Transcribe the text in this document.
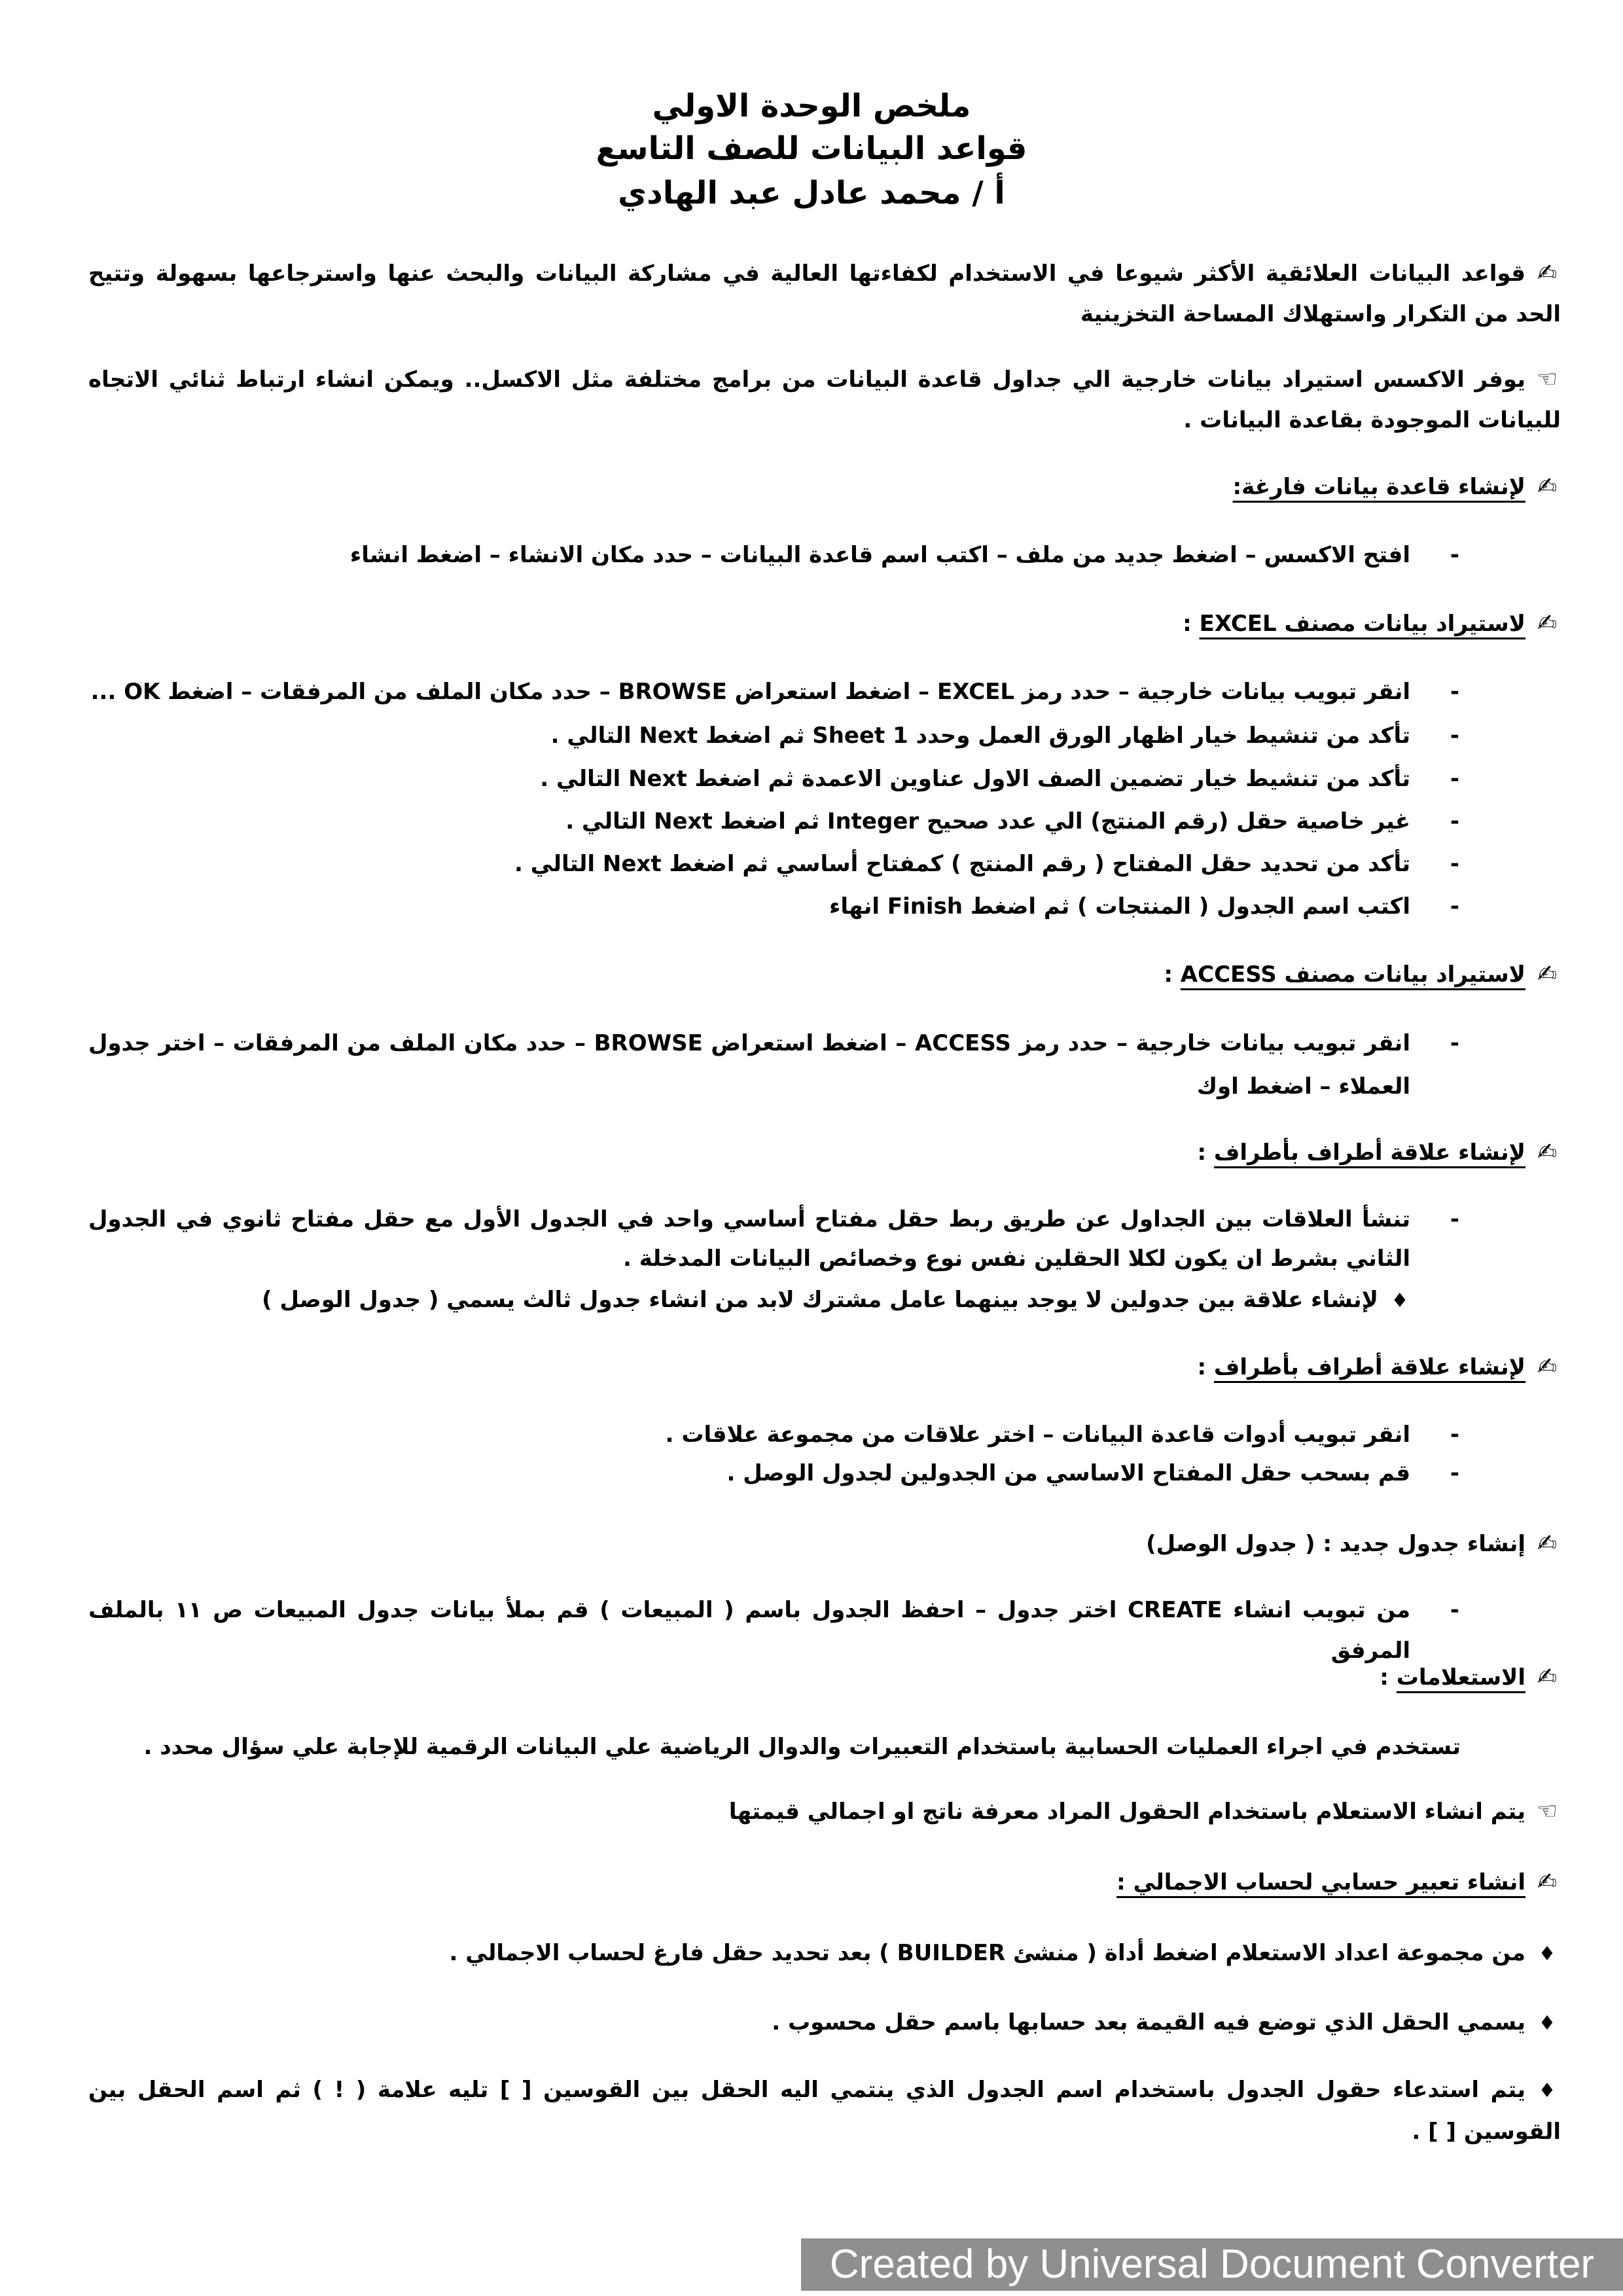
ملخص الوحدة الاولي
قواعد البيانات للصف التاسع
أ / محمد عادل عبد الهادي
✍قواعد البيانات العلائقية الأكثر شيوعا في الاستخدام لكفاءتها العالية في مشاركة البيانات والبحث عنها واسترجاعها بسهولة وتتيح الحد من التكرار واستهلاك المساحة التخزينية
☜يوفر الاكسس استيراد بيانات خارجية الي جداول قاعدة البيانات من برامج مختلفة مثل الاكسل.. ويمكن انشاء ارتباط ثنائي الاتجاه للبيانات الموجودة بقاعدة البيانات .
✍لإنشاء قاعدة بيانات فارغة:
- افتح الاكسس – اضغط جديد من ملف – اكتب اسم قاعدة البيانات – حدد مكان الانشاء – اضغط انشاء
✍لاستيراد بيانات مصنف EXCEL :
- انقر تبويب بيانات خارجية – حدد رمز EXCEL – اضغط استعراض BROWSE – حدد مكان الملف من المرفقات – اضغط OK ...
- تأكد من تنشيط خيار اظهار الورق العمل وحدد Sheet 1 ثم اضغط Next التالي .
- تأكد من تنشيط خيار تضمين الصف الاول عناوين الاعمدة ثم اضغط Next التالي .
- غير خاصية حقل (رقم المنتج) الي عدد صحيح Integer ثم اضغط Next التالي .
- تأكد من تحديد حقل المفتاح ( رقم المنتج ) كمفتاح أساسي ثم اضغط Next التالي .
- اكتب اسم الجدول ( المنتجات ) ثم اضغط Finish انهاء
✍لاستيراد بيانات مصنف ACCESS :
- انقر تبويب بيانات خارجية – حدد رمز ACCESS – اضغط استعراض BROWSE – حدد مكان الملف من المرفقات – اختر جدول العملاء – اضغط اوك
✍لإنشاء علاقة أطراف بأطراف :
- تنشأ العلاقات بين الجداول عن طريق ربط حقل مفتاح أساسي واحد في الجدول الأول مع حقل مفتاح ثانوي في الجدول الثاني بشرط ان يكون لكلا الحقلين نفس نوع وخصائص البيانات المدخلة .
♦لإنشاء علاقة بين جدولين لا يوجد بينهما عامل مشترك لابد من انشاء جدول ثالث يسمي ( جدول الوصل )
✍لإنشاء علاقة أطراف بأطراف :
- انقر تبويب أدوات قاعدة البيانات – اختر علاقات من مجموعة علاقات .
- قم بسحب حقل المفتاح الاساسي من الجدولين لجدول الوصل .
✍إنشاء جدول جديد : ( جدول الوصل)
- من تبويب انشاء CREATE اختر جدول – احفظ الجدول باسم ( المبيعات ) قم بملأ بيانات جدول المبيعات ص ١١ بالملف المرفق
✍الاستعلامات :
تستخدم في اجراء العمليات الحسابية باستخدام التعبيرات والدوال الرياضية علي البيانات الرقمية للإجابة علي سؤال محدد .
☜يتم انشاء الاستعلام باستخدام الحقول المراد معرفة ناتج او اجمالي قيمتها
✍انشاء تعبير حسابي لحساب الاجمالي :
♦من مجموعة اعداد الاستعلام اضغط أداة ( منشئ BUILDER ) بعد تحديد حقل فارغ لحساب الاجمالي .
♦يسمي الحقل الذي توضع فيه القيمة بعد حسابها باسم حقل محسوب .
♦يتم استدعاء حقول الجدول باستخدام اسم الجدول الذي ينتمي اليه الحقل بين القوسين [ ] تليه علامة ( ! ) ثم اسم الحقل بين القوسين [ ] .
Created by Universal Document Converter
